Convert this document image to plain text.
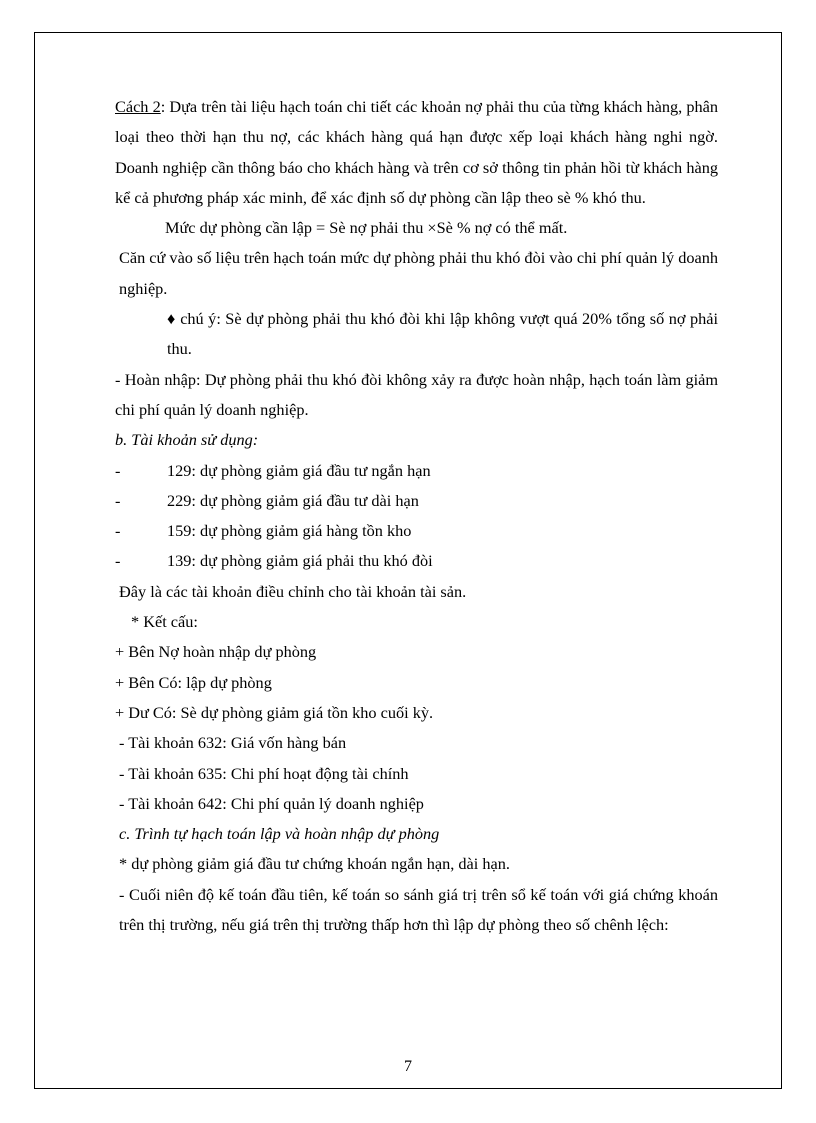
Cách 2: Dựa trên tài liệu hạch toán chi tiết các khoản nợ phải thu của từng khách hàng, phân loại theo thời hạn thu nợ, các khách hàng quá hạn được xếp loại khách hàng nghi ngờ. Doanh nghiệp cần thông báo cho khách hàng và trên cơ sở thông tin phản hồi từ khách hàng kể cả phương pháp xác minh, để xác định số dự phòng cần lập theo sè % khó thu.

Mức dự phòng cần lập = Sè nợ phải thu ×Sè % nợ có thể mất.

Căn cứ vào số liệu trên hạch toán mức dự phòng phải thu khó đòi vào chi phí quản lý doanh nghiệp.

♦ chú ý: Sè dự phòng phải thu khó đòi khi lập không vượt quá 20% tổng số nợ phải thu.

- Hoàn nhập: Dự phòng phải thu khó đòi không xảy ra được hoàn nhập, hạch toán làm giảm chi phí quản lý doanh nghiệp.

b. Tài khoản sử dụng:

-	129: dự phòng giảm giá đầu tư ngắn hạn
-	229: dự phòng giảm giá đầu tư dài hạn
-	159: dự phòng giảm giá hàng tồn kho
-	139: dự phòng giảm giá phải thu khó đòi

Đây là các tài khoản điều chỉnh cho tài khoản tài sản.

* Kết cấu:

+ Bên Nợ hoàn nhập dự phòng

+ Bên Có: lập dự phòng

+ Dư Có: Sè dự phòng giảm giá tồn kho cuối kỳ.

- Tài khoản 632: Giá vốn hàng bán

- Tài khoản 635: Chi phí hoạt động tài chính

- Tài khoản 642: Chi phí quản lý doanh nghiệp

c. Trình tự hạch toán lập và hoàn nhập dự phòng

* dự phòng giảm giá đầu tư chứng khoán ngắn hạn, dài hạn.

- Cuối niên độ kế toán đầu tiên, kế toán so sánh giá trị trên sổ kế toán với giá chứng khoán trên thị trường, nếu giá trên thị trường thấp hơn thì lập dự phòng theo số chênh lệch:

7
